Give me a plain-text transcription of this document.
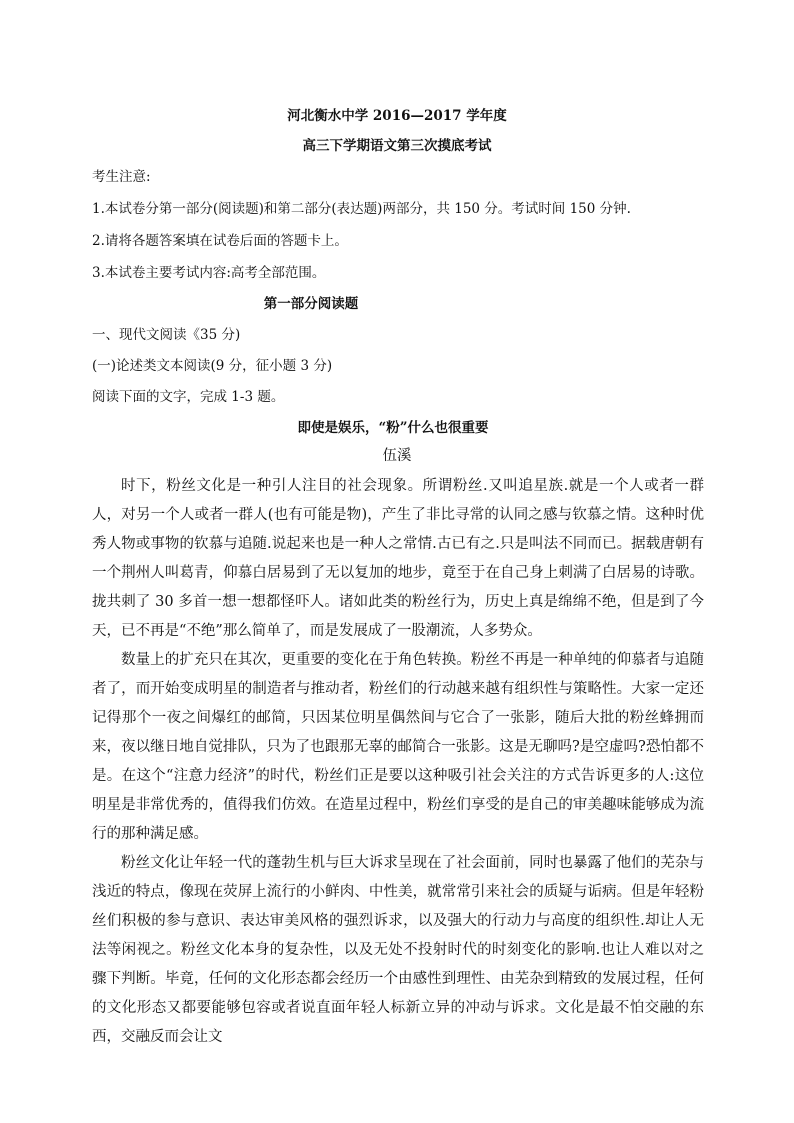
河北衡水中学 2016—2017 学年度
高三下学期语文第三次摸底考试
考生注意:
1.本试卷分第一部分(阅读题)和第二部分(表达题)两部分，共 150 分。考试时间 150 分钟.
2.请将各题答案填在试卷后面的答题卡上。
3.本试卷主要考试内容:高考全部范围。
第一部分阅读题
一、现代文阅读《35 分)
(一)论述类文本阅读(9 分，征小题 3 分)
阅读下面的文字，完成 1-3 题。
即使是娱乐，“粉”什么也很重要
伍溪

时下，粉丝文化是一种引人注目的社会现象。所谓粉丝.又叫追星族.就是一个人或者一群人，对另一个人或者一群人(也有可能是物)，产生了非比寻常的认同之感与钦慕之情。这种时优秀人物或事物的钦慕与追随.说起来也是一种人之常情.古已有之.只是叫法不同而已。据载唐朝有一个荆州人叫葛青，仰慕白居易到了无以复加的地步，竟至于在自己身上刺满了白居易的诗歌。拢共刺了 30 多首一想一想都怪吓人。诸如此类的粉丝行为，历史上真是绵绵不绝，但是到了今天，已不再是“不绝”那么简单了，而是发展成了一股潮流，人多势众。

数量上的扩充只在其次，更重要的变化在于角色转换。粉丝不再是一种单纯的仰慕者与追随者了，而开始变成明星的制造者与推动者，粉丝们的行动越来越有组织性与策略性。大家一定还记得那个一夜之间爆红的邮简，只因某位明星偶然间与它合了一张影，随后大批的粉丝蜂拥而来，夜以继日地自觉排队，只为了也跟那无辜的邮简合一张影。这是无聊吗?是空虚吗?恐怕都不是。在这个“注意力经济”的时代，粉丝们正是要以这种吸引社会关注的方式告诉更多的人:这位明星是非常优秀的，值得我们仿效。在造星过程中，粉丝们享受的是自己的审美趣味能够成为流行的那种满足感。

粉丝文化让年轻一代的蓬勃生机与巨大诉求呈现在了社会面前，同时也暴露了他们的芜杂与浅近的特点，像现在荧屏上流行的小鲜肉、中性美，就常常引来社会的质疑与诟病。但是年轻粉丝们积极的参与意识、表达审美风格的强烈诉求，以及强大的行动力与高度的组织性.却让人无法等闲视之。粉丝文化本身的复杂性，以及无处不投射时代的时刻变化的影响.也让人难以对之骤下判断。毕竟，任何的文化形态都会经历一个由感性到理性、由芜杂到精致的发展过程，任何的文化形态又都要能够包容或者说直面年轻人标新立异的冲动与诉求。文化是最不怕交融的东西，交融反而会让文
